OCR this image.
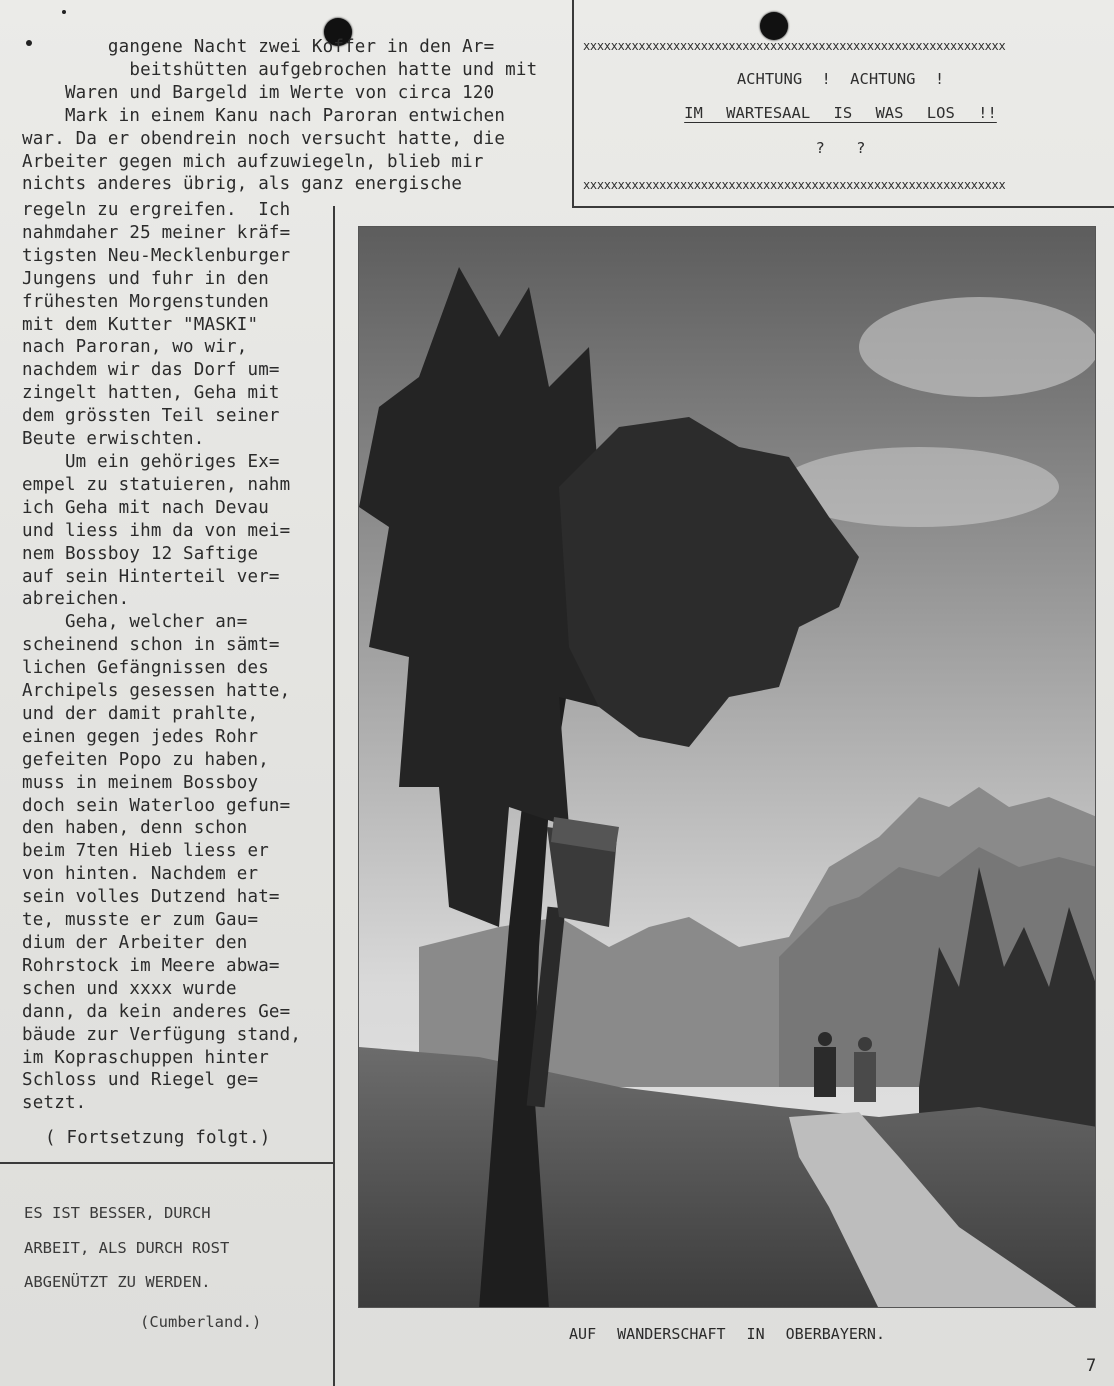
gangene Nacht zwei Koffer in den Ar=
beitshütten aufgebrochen hatte und mit
Waren und Bargeld im Werte von circa 120
Mark in einem Kanu nach Paroran entwichen
war. Da er obendrein noch versucht hatte, die
Arbeiter gegen mich aufzuwiegeln, blieb mir
nichts anderes übrig, als ganz energische
regeln zu ergreifen.  Ich
nahmdaher 25 meiner kräf=
tigsten Neu-Mecklenburger
Jungens und fuhr in den
frühesten Morgenstunden
mit dem Kutter "MASKI"
nach Paroran, wo wir,
nachdem wir das Dorf um=
zingelt hatten, Geha mit
dem grössten Teil seiner
Beute erwischten.
Um ein gehöriges Ex=
empel zu statuieren, nahm
ich Geha mit nach Devau
und liess ihm da von mei=
nem Bossboy 12 Saftige
auf sein Hinterteil ver=
abreichen.
Geha, welcher an=
scheinend schon in sämt=
lichen Gefängnissen des
Archipels gesessen hatte,
und der damit prahlte,
einen gegen jedes Rohr
gefeiten Popo zu haben,
muss in meinem Bossboy
doch sein Waterloo gefun=
den haben, denn schon
beim 7ten Hieb liess er
von hinten. Nachdem er
sein volles Dutzend hat=
te, musste er zum Gau=
dium der Arbeiter den
Rohrstock im Meere abwa=
schen und xxxx wurde
dann, da kein anderes Ge=
bäude zur Verfügung stand,
im Kopraschuppen hinter
Schloss und Riegel ge=
setzt.
( Fortsetzung folgt.)
xxxxxxxxxxxxxxxxxxxxxxxxxxxxxxxxxxxxxxxxxxxxxxxxxxxxxxxxxxxxx
ACHTUNG ! ACHTUNG !
IM WARTESAAL IS WAS LOS !!
? ?
xxxxxxxxxxxxxxxxxxxxxxxxxxxxxxxxxxxxxxxxxxxxxxxxxxxxxxxxxxxxx
ES IST BESSER, DURCH
ARBEIT, ALS DURCH ROST
ABGENÜTZT ZU WERDEN.
(Cumberland.)
AUF WANDERSCHAFT IN OBERBAYERN.
7
